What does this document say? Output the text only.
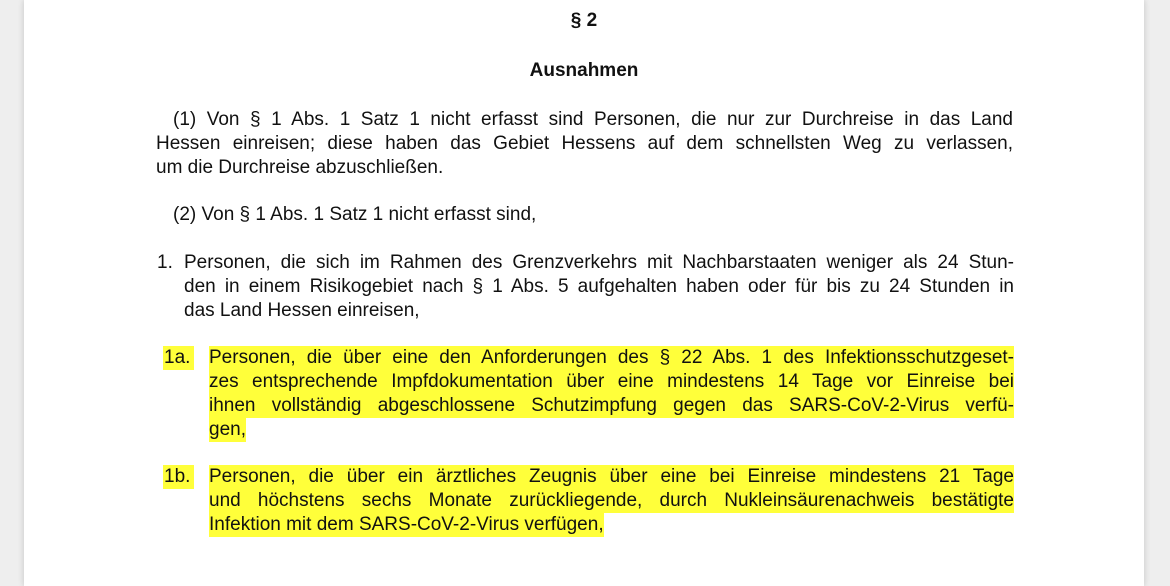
§ 2
Ausnahmen
(1) Von § 1 Abs. 1 Satz 1 nicht erfasst sind Personen, die nur zur Durchreise in das Land
Hessen einreisen; diese haben das Gebiet Hessens auf dem schnellsten Weg zu verlassen,
um die Durchreise abzuschließen.
(2) Von § 1 Abs. 1 Satz 1 nicht erfasst sind,
1. Personen, die sich im Rahmen des Grenzverkehrs mit Nachbarstaaten weniger als 24 Stun-
den in einem Risikogebiet nach § 1 Abs. 5 aufgehalten haben oder für bis zu 24 Stunden in
das Land Hessen einreisen,
1a. Personen, die über eine den Anforderungen des § 22 Abs. 1 des Infektionsschutzgeset-
zes entsprechende Impfdokumentation über eine mindestens 14 Tage vor Einreise bei
ihnen vollständig abgeschlossene Schutzimpfung gegen das SARS-CoV-2-Virus verfü-
gen,
1b. Personen, die über ein ärztliches Zeugnis über eine bei Einreise mindestens 21 Tage
und höchstens sechs Monate zurückliegende, durch Nukleinsäurenachweis bestätigte
Infektion mit dem SARS-CoV-2-Virus verfügen,
